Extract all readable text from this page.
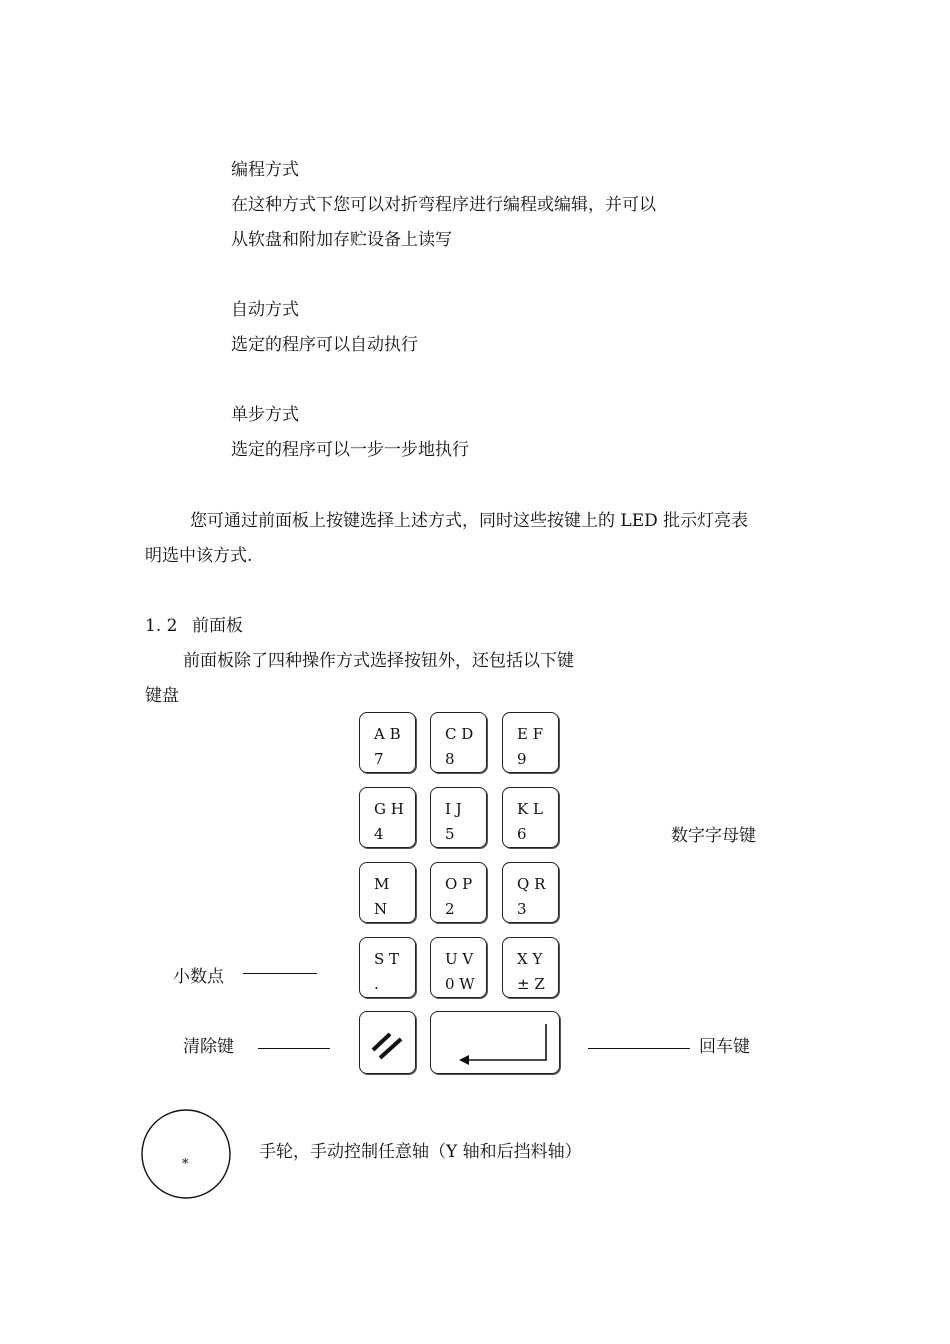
编程方式
在这种方式下您可以对折弯程序进行编程或编辑，并可以
从软盘和附加存贮设备上读写
自动方式
选定的程序可以自动执行
单步方式
选定的程序可以一步一步地执行
您可通过前面板上按键选择上述方式，同时这些按键上的 LED 批示灯亮表
明选中该方式.
1. 2 前面板
前面板除了四种操作方式选择按钮外，还包括以下键
键盘
A B
7
C D
8
E F
9
G H
4
I J
5
K L
6
M
N
O P
2
Q R
3
S T
.
U V
0 W
X Y
± Z
数字字母键
小数点
清除键	回车键
*
手轮，手动控制任意轴（Y 轴和后挡料轴）
